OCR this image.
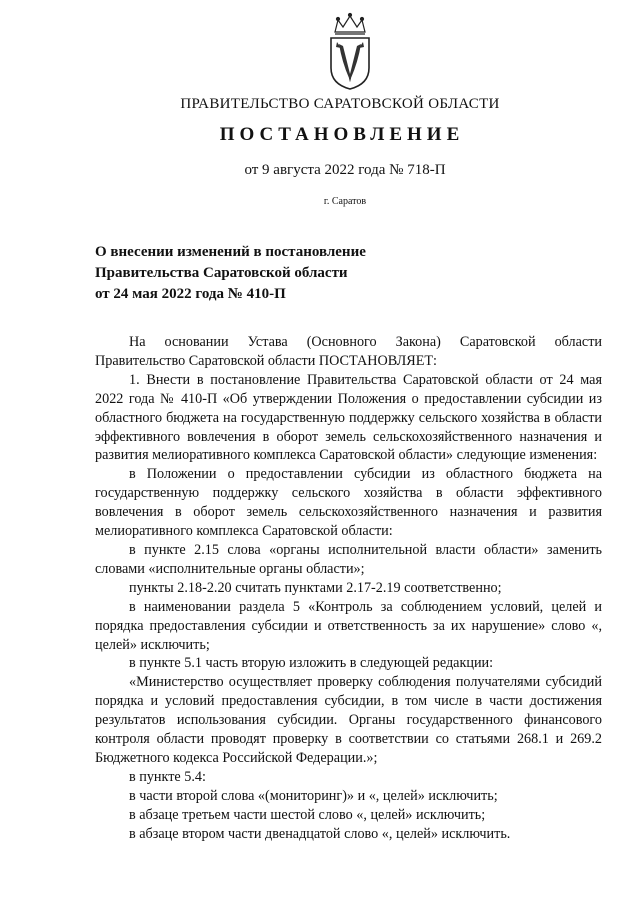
ПРАВИТЕЛЬСТВО САРАТОВСКОЙ ОБЛАСТИ
ПОСТАНОВЛЕНИЕ
от 9 августа 2022 года № 718-П
г. Саратов
О внесении изменений в постановление
Правительства Саратовской области
от 24 мая 2022 года № 410-П

На основании Устава (Основного Закона) Саратовской области Правительство Саратовской области ПОСТАНОВЛЯЕТ:

1. Внести в постановление Правительства Саратовской области от 24 мая 2022 года № 410-П «Об утверждении Положения о предоставлении субсидии из областного бюджета на государственную поддержку сельского хозяйства в области эффективного вовлечения в оборот земель сельскохозяйственного назначения и развития мелиоративного комплекса Саратовской области» следующие изменения:

в Положении о предоставлении субсидии из областного бюджета на государственную поддержку сельского хозяйства в области эффективного вовлечения в оборот земель сельскохозяйственного назначения и развития мелиоративного комплекса Саратовской области:

в пункте 2.15 слова «органы исполнительной власти области» заменить словами «исполнительные органы области»;

пункты 2.18-2.20 считать пунктами 2.17-2.19 соответственно;

в наименовании раздела 5 «Контроль за соблюдением условий, целей и порядка предоставления субсидии и ответственность за их нарушение» слово «, целей» исключить;

в пункте 5.1 часть вторую изложить в следующей редакции:

«Министерство осуществляет проверку соблюдения получателями субсидий порядка и условий предоставления субсидии, в том числе в части достижения результатов использования субсидии. Органы государственного финансового контроля области проводят проверку в соответствии со статьями 268.1 и 269.2 Бюджетного кодекса Российской Федерации.»;

в пункте 5.4:

в части второй слова «(мониторинг)» и «, целей» исключить;

в абзаце третьем части шестой слово «, целей» исключить;

в абзаце втором части двенадцатой слово «, целей» исключить.
